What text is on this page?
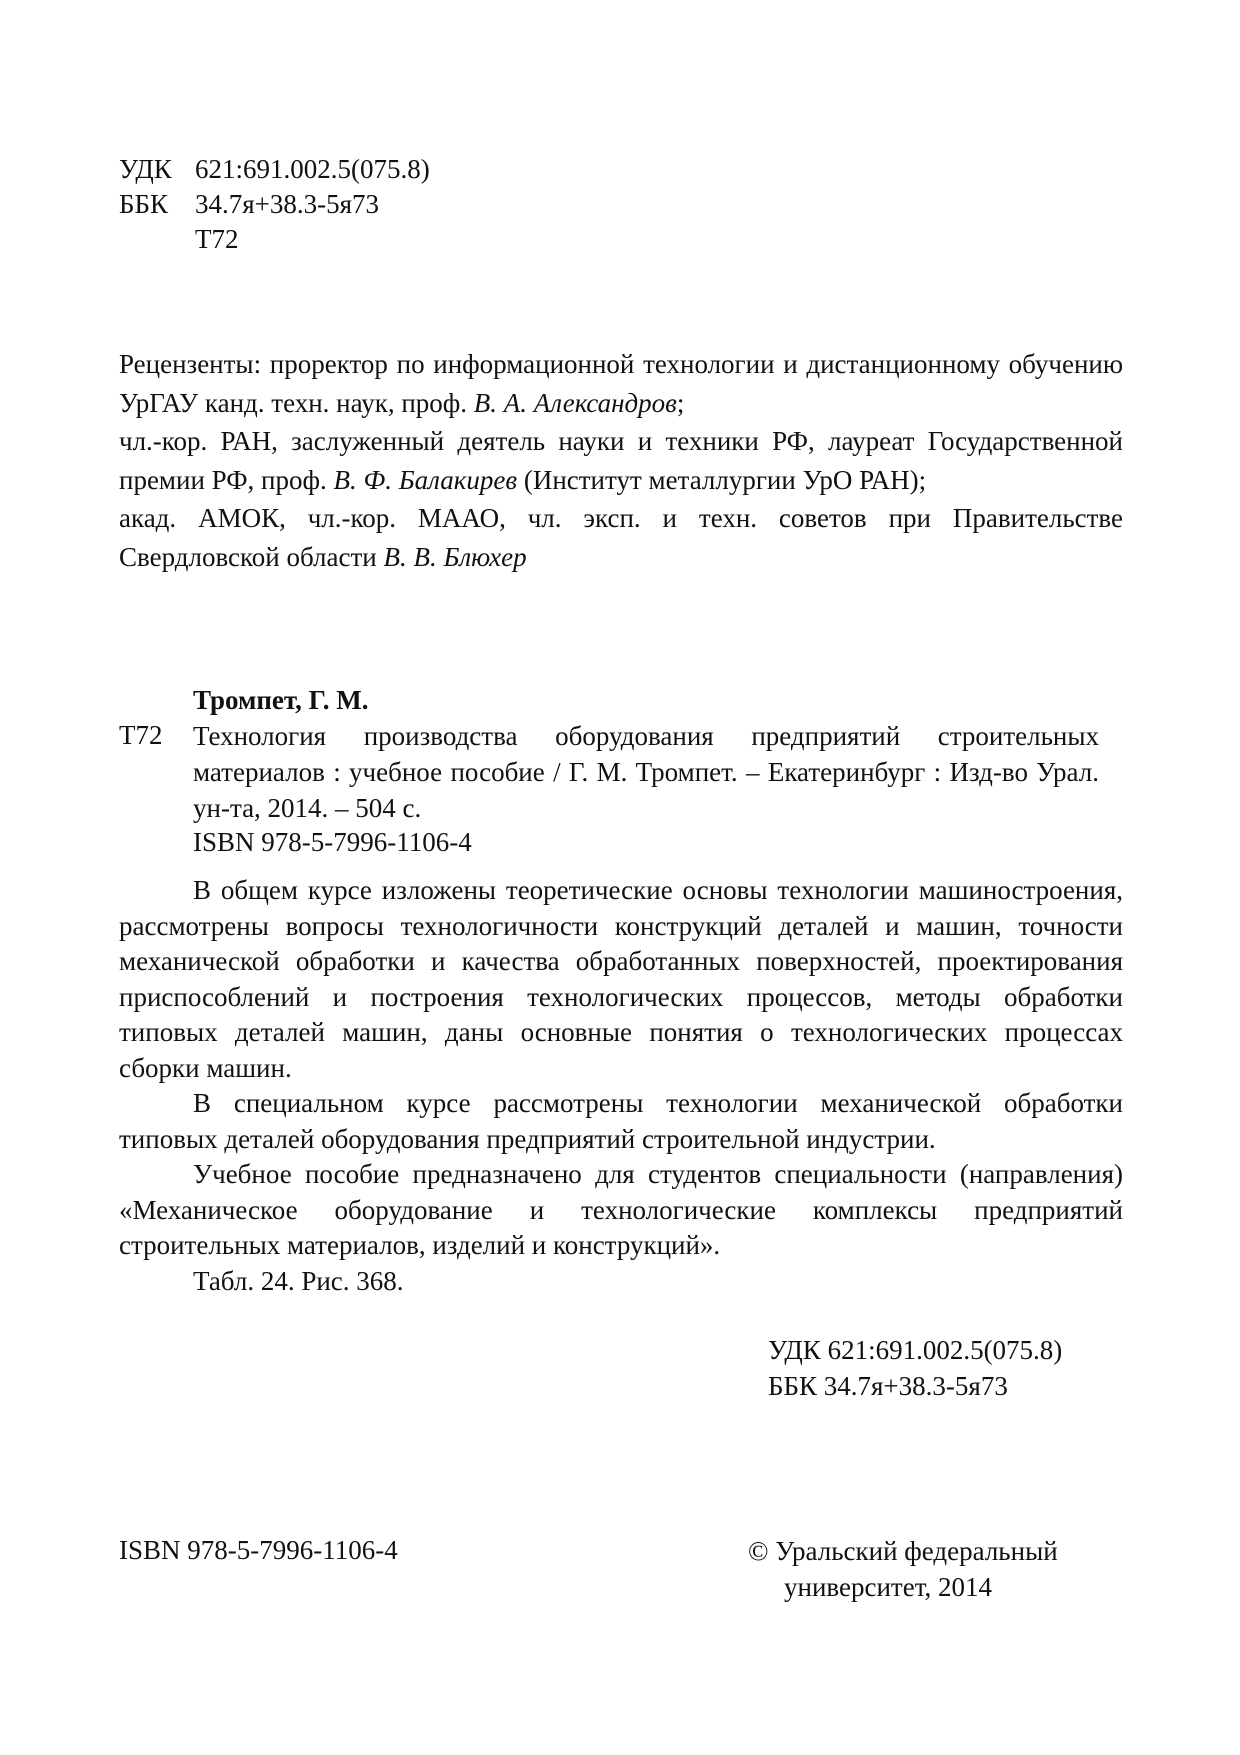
УДК 621:691.002.5(075.8)
ББК 34.7я+38.3-5я73
Т72

Рецензенты: проректор по информационной технологии и дистанционному обучению УрГАУ канд. техн. наук, проф. В. А. Александров;

чл.-кор. РАН, заслуженный деятель науки и техники РФ, лауреат Государственной премии РФ, проф. В. Ф. Балакирев (Институт металлургии УрО РАН);

акад. АМОК, чл.-кор. МААО, чл. эксп. и техн. советов при Правительстве Свердловской области В. В. Блюхер

Тромпет, Г. М.
Т72 Технология производства оборудования предприятий строительных материалов : учебное пособие / Г. М. Тромпет. – Екатеринбург : Изд-во Урал. ун-та, 2014. – 504 с.
ISBN 978-5-7996-1106-4

В общем курсе изложены теоретические основы технологии машиностроения, рассмотрены вопросы технологичности конструкций деталей и машин, точности механической обработки и качества обработанных поверхностей, проектирования приспособлений и построения технологических процессов, методы обработки типовых деталей машин, даны основные понятия о технологических процессах сборки машин.

В специальном курсе рассмотрены технологии механической обработки типовых деталей оборудования предприятий строительной индустрии.

Учебное пособие предназначено для студентов специальности (направления) «Механическое оборудование и технологические комплексы предприятий строительных материалов, изделий и конструкций».

Табл. 24. Рис. 368.

УДК 621:691.002.5(075.8)
ББК 34.7я+38.3-5я73
ISBN 978-5-7996-1106-4	© Уральский федеральный
университет, 2014
